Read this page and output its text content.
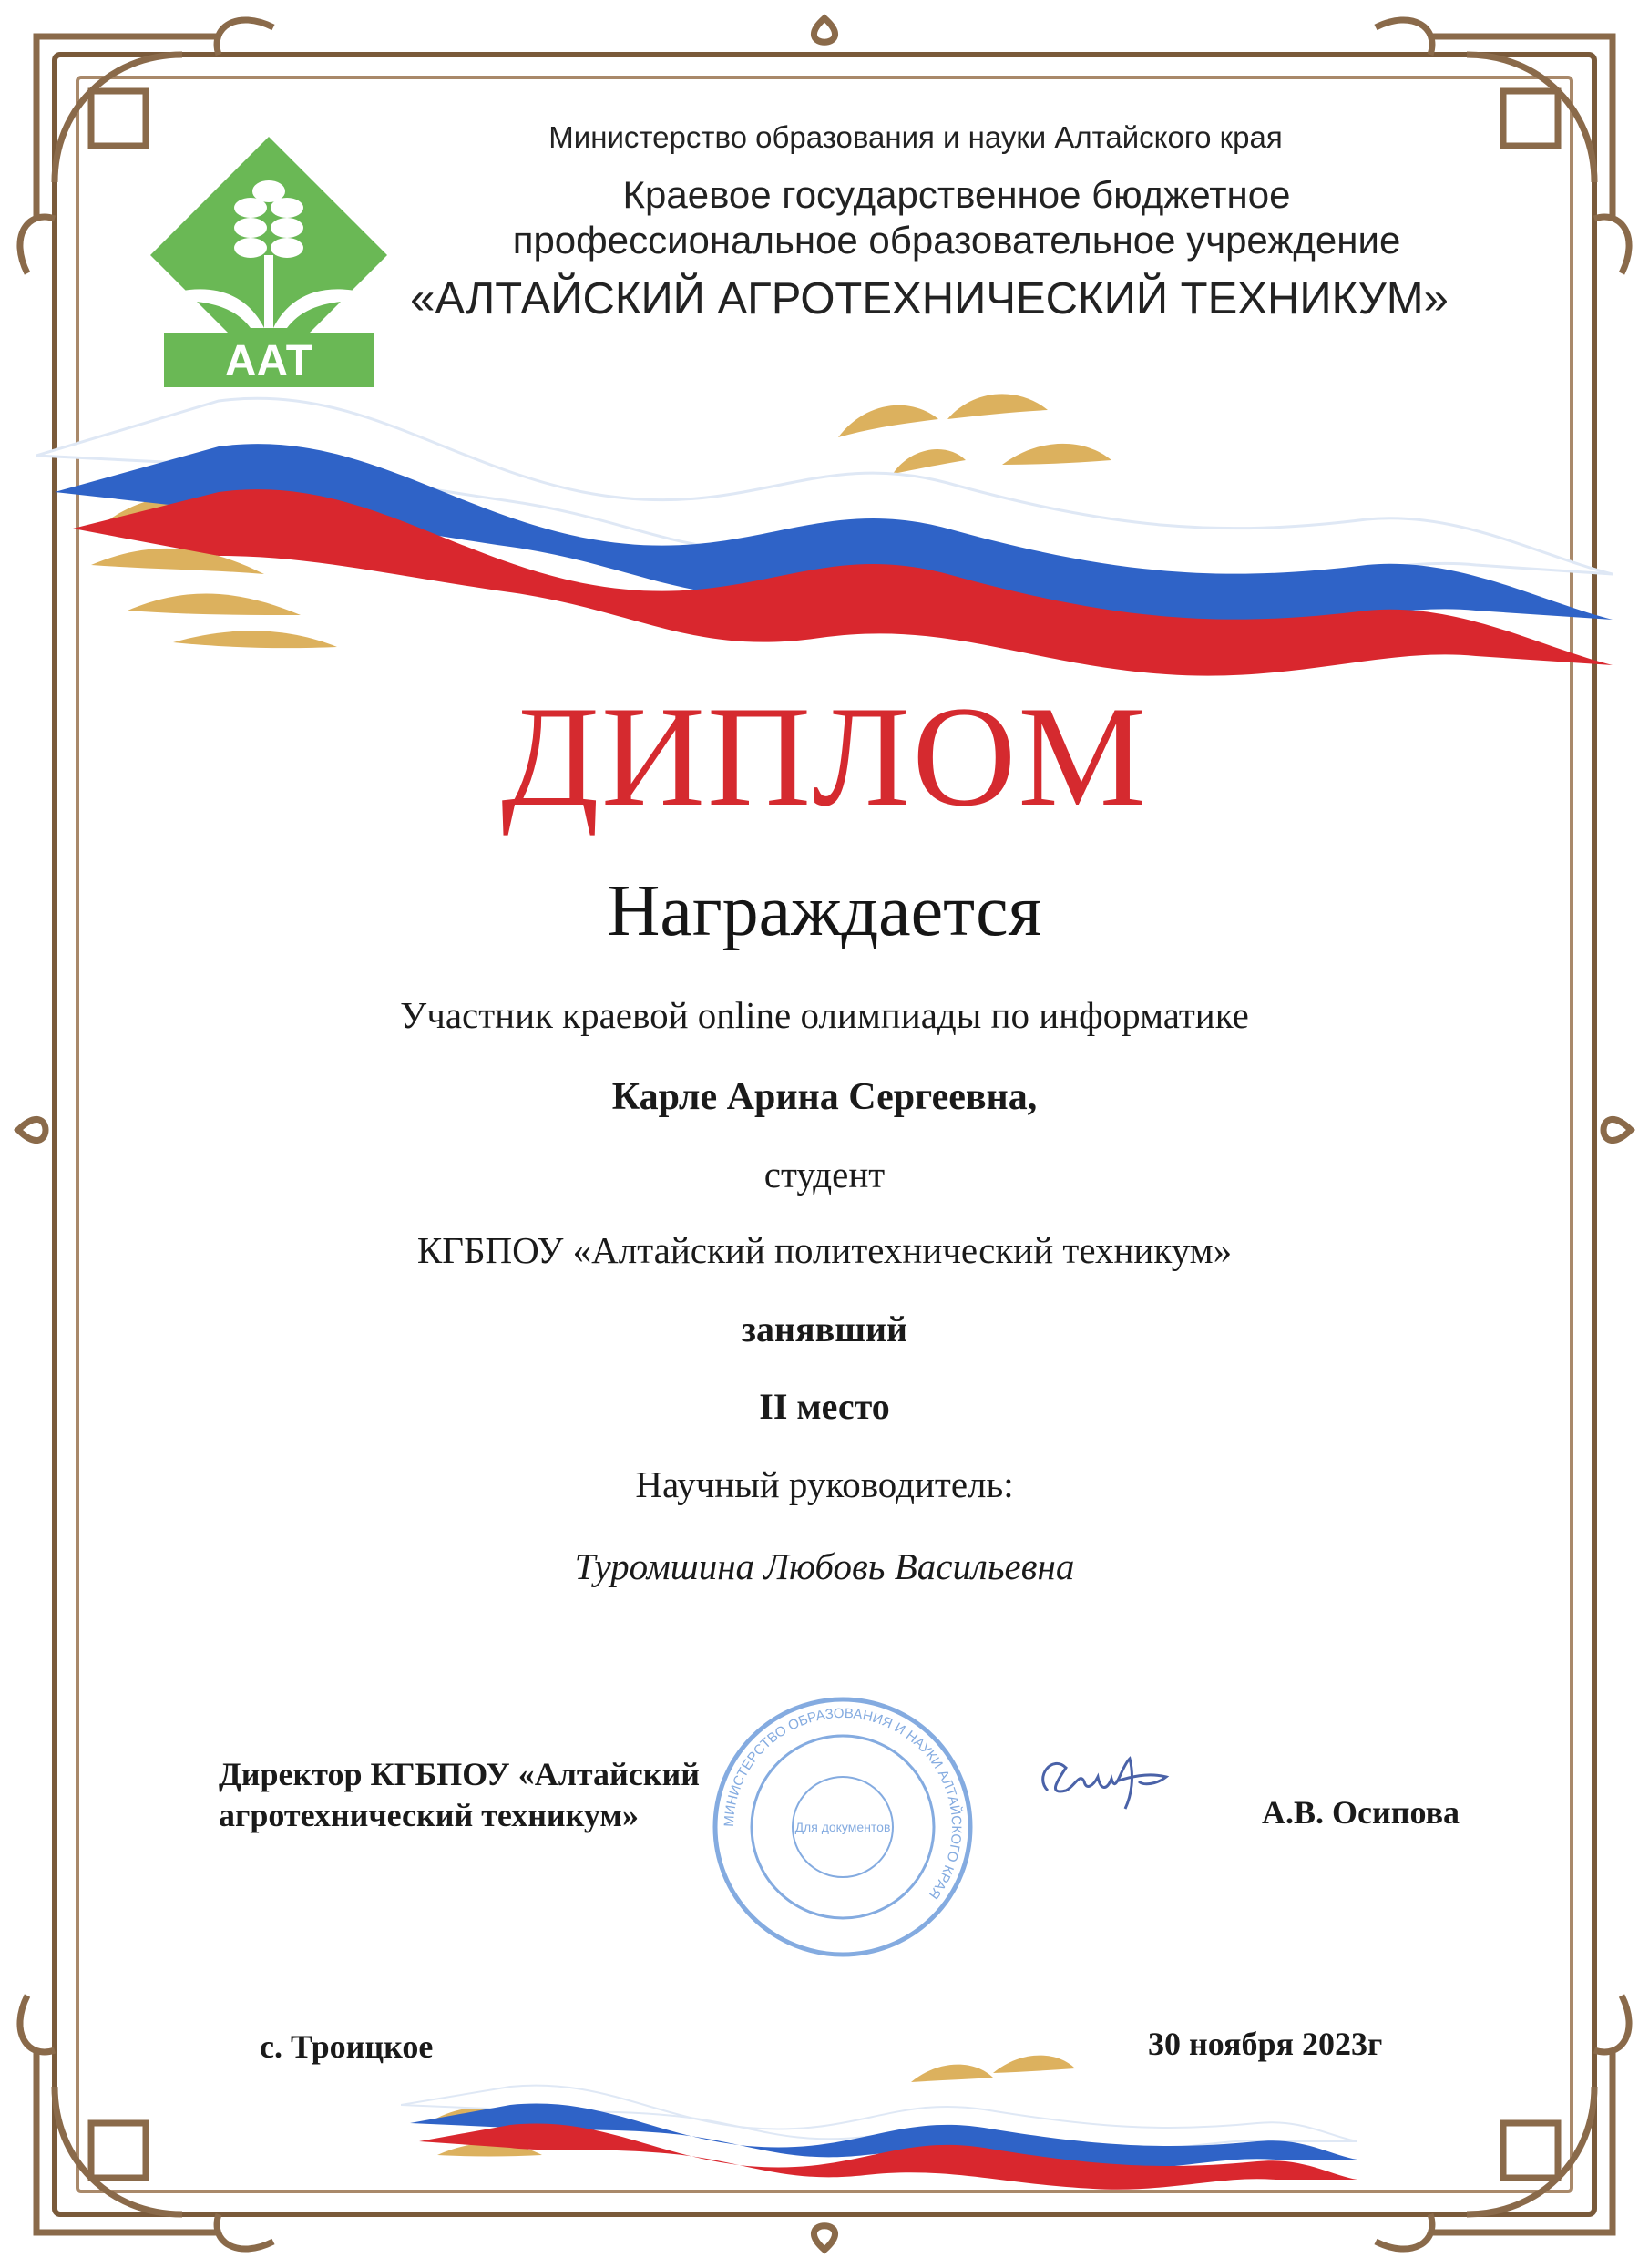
ААТ
Министерство образования и науки Алтайского края
Краевое государственное бюджетное
профессиональное образовательное учреждение
«АЛТАЙСКИЙ АГРОТЕХНИЧЕСКИЙ ТЕХНИКУМ»
ДИПЛОМ
Награждается
Участник краевой online олимпиады по информатике
Карле Арина Сергеевна,
студент
КГБПОУ «Алтайский политехнический техникум»
занявший
II место
Научный руководитель:
Туромшина Любовь Васильевна
МИНИСТЕРСТВО ОБРАЗОВАНИЯ И НАУКИ АЛТАЙСКОГО КРАЯ
Для документов
Директор КГБПОУ «Алтайский
агротехнический техникум»	А.В. Осипова
с. Троицкое	30 ноября 2023г
